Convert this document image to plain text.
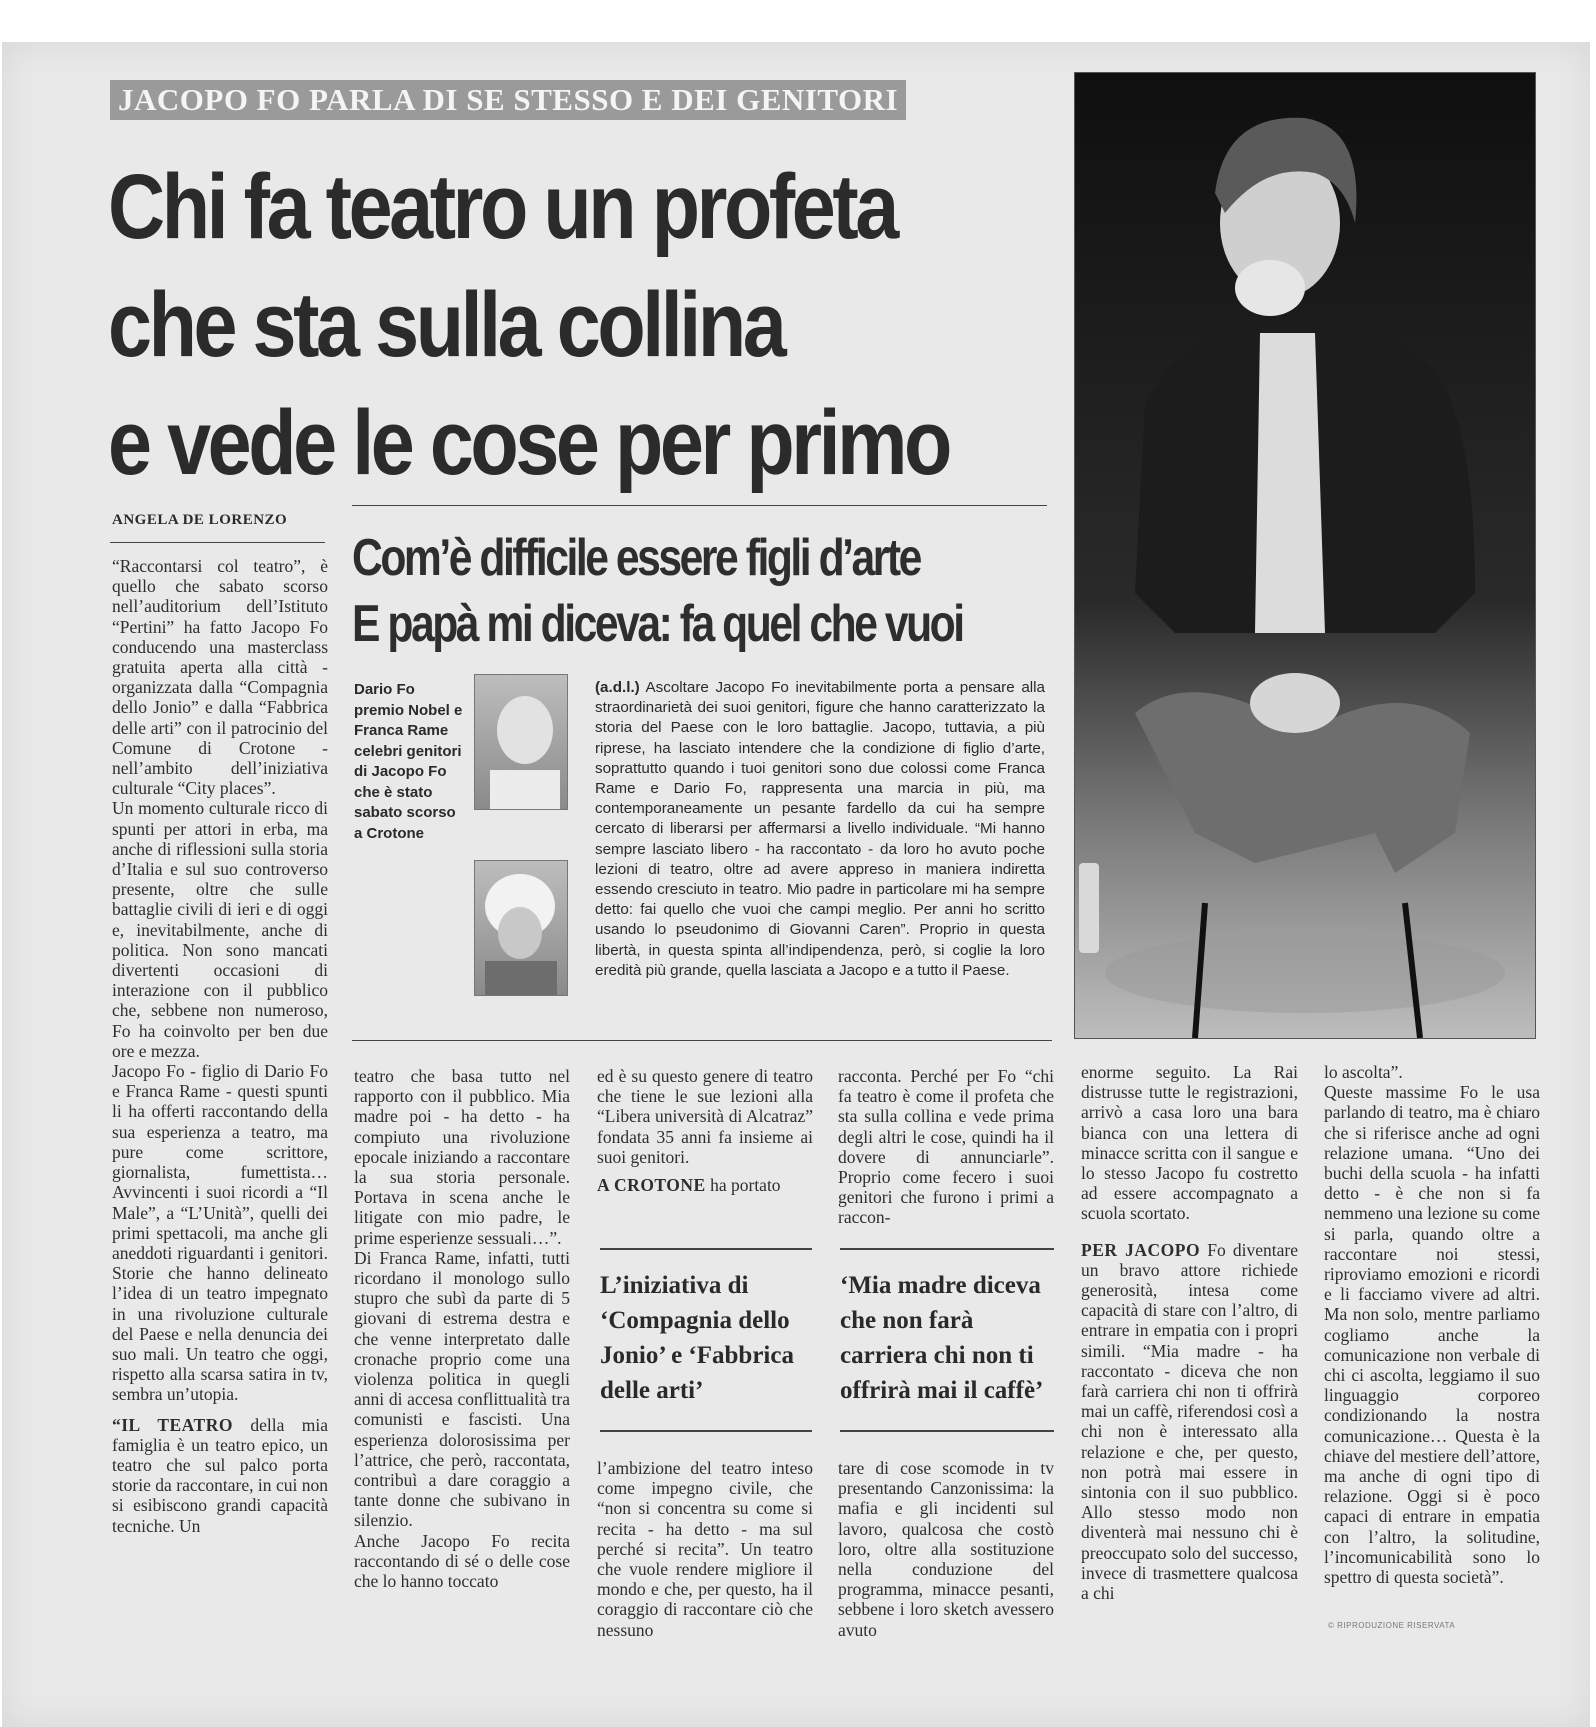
JACOPO FO PARLA DI SE STESSO E DEI GENITORI
Chi fa teatro un profeta
che sta sulla collina
e vede le cose per primo
ANGELA DE LORENZO
Com’è difficile essere figli d’arte
E papà mi diceva: fa quel che vuoi

“Raccontarsi col teatro”, è quello che sabato scorso nell’auditorium dell’Istituto “Pertini” ha fatto Jacopo Fo conducendo una masterclass gratuita aperta alla città - organizzata dalla “Compagnia dello Jonio” e dalla “Fabbrica delle arti” con il patrocinio del Comune di Crotone - nell’ambito dell’iniziativa culturale “City places”.

Un momento culturale ricco di spunti per attori in erba, ma anche di riflessioni sulla storia d’Italia e sul suo controverso presente, oltre che sulle battaglie civili di ieri e di oggi e, inevitabilmente, anche di politica. Non sono mancati divertenti occasioni di interazione con il pubblico che, sebbene non numeroso, Fo ha coinvolto per ben due ore e mezza.

Jacopo Fo - figlio di Dario Fo e Franca Rame - questi spunti li ha offerti raccontando della sua esperienza a teatro, ma pure come scrittore, giornalista, fumettista… Avvincenti i suoi ricordi a “Il Male”, a “L’Unità”, quelli dei primi spettacoli, ma anche gli aneddoti riguardanti i genitori. Storie che hanno delineato l’idea di un teatro impegnato in una rivoluzione culturale del Paese e nella denuncia dei suo mali. Un teatro che oggi, rispetto alla scarsa satira in tv, sembra un’utopia.

“IL TEATRO della mia famiglia è un teatro epico, un teatro che sul palco porta storie da raccontare, in cui non si esibiscono grandi capacità tecniche. Un

Dario Fo premio Nobel e Franca Rame celebri genitori di Jacopo Fo che è stato sabato scorso a Crotone
(a.d.l.) Ascoltare Jacopo Fo inevitabilmente porta a pensare alla straordinarietà dei suoi genitori, figure che hanno caratterizzato la storia del Paese con le loro battaglie. Jacopo, tuttavia, a più riprese, ha lasciato intendere che la condizione di figlio d’arte, soprattutto quando i tuoi genitori sono due colossi come Franca Rame e Dario Fo, rappresenta una marcia in più, ma contemporaneamente un pesante fardello da cui ha sempre cercato di liberarsi per affermarsi a livello individuale. “Mi hanno sempre lasciato libero - ha raccontato - da loro ho avuto poche lezioni di teatro, oltre ad avere appreso in maniera indiretta essendo cresciuto in teatro. Mio padre in particolare mi ha sempre detto: fai quello che vuoi che campi meglio. Per anni ho scritto usando lo pseudonimo di Giovanni Caren”. Proprio in questa libertà, in questa spinta all’indipendenza, però, si coglie la loro eredità più grande, quella lasciata a Jacopo e a tutto il Paese.

teatro che basa tutto nel rapporto con il pubblico. Mia madre poi - ha detto - ha compiuto una rivoluzione epocale iniziando a raccontare la sua storia personale. Portava in scena anche le litigate con mio padre, le prime esperienze sessuali…”.

Di Franca Rame, infatti, tutti ricordano il monologo sullo stupro che subì da parte di 5 giovani di estrema destra e che venne interpretato dalle cronache proprio come una violenza politica in quegli anni di accesa conflittualità tra comunisti e fascisti. Una esperienza dolorosissima per l’attrice, che però, raccontata, contribuì a dare coraggio a tante donne che subivano in silenzio.

Anche Jacopo Fo recita raccontando di sé o delle cose che lo hanno toccato

ed è su questo genere di teatro che tiene le sue lezioni alla “Libera università di Alcatraz” fondata 35 anni fa insieme ai suoi genitori.

A CROTONE ha portato

L’iniziativa di ‘Compagnia dello Jonio’ e ‘Fabbrica delle arti’

l’ambizione del teatro inteso come impegno civile, che “non si concentra su come si recita - ha detto - ma sul perché si recita”. Un teatro che vuole rendere migliore il mondo e che, per questo, ha il coraggio di raccontare ciò che nessuno

racconta. Perché per Fo “chi fa teatro è come il profeta che sta sulla collina e vede prima degli altri le cose, quindi ha il dovere di annunciarle”. Proprio come fecero i suoi genitori che furono i primi a raccon-

‘Mia madre diceva che non farà carriera chi non ti offrirà mai il caffè’

tare di cose scomode in tv presentando Canzonissima: la mafia e gli incidenti sul lavoro, qualcosa che costò loro, oltre alla sostituzione nella conduzione del programma, minacce pesanti, sebbene i loro sketch avessero avuto

enorme seguito. La Rai distrusse tutte le registrazioni, arrivò a casa loro una bara bianca con una lettera di minacce scritta con il sangue e lo stesso Jacopo fu costretto ad essere accompagnato a scuola scortato.

PER JACOPO Fo diventare un bravo attore richiede generosità, intesa come capacità di stare con l’altro, di entrare in empatia con i propri simili. “Mia madre - ha raccontato - diceva che non farà carriera chi non ti offrirà mai un caffè, riferendosi così a chi non è interessato alla relazione e che, per questo, non potrà mai essere in sintonia con il suo pubblico. Allo stesso modo non diventerà mai nessuno chi è preoccupato solo del successo, invece di trasmettere qualcosa a chi

lo ascolta”.

Queste massime Fo le usa parlando di teatro, ma è chiaro che si riferisce anche ad ogni relazione umana. “Uno dei buchi della scuola - ha infatti detto - è che non si fa nemmeno una lezione su come si parla, quando oltre a raccontare noi stessi, riproviamo emozioni e ricordi e li facciamo vivere ad altri. Ma non solo, mentre parliamo cogliamo anche la comunicazione non verbale di chi ci ascolta, leggiamo il suo linguaggio corporeo condizionando la nostra comunicazione… Questa è la chiave del mestiere dell’attore, ma anche di ogni tipo di relazione. Oggi si è poco capaci di entrare in empatia con l’altro, la solitudine, l’incomunicabilità sono lo spettro di questa società”.

© RIPRODUZIONE RISERVATA
